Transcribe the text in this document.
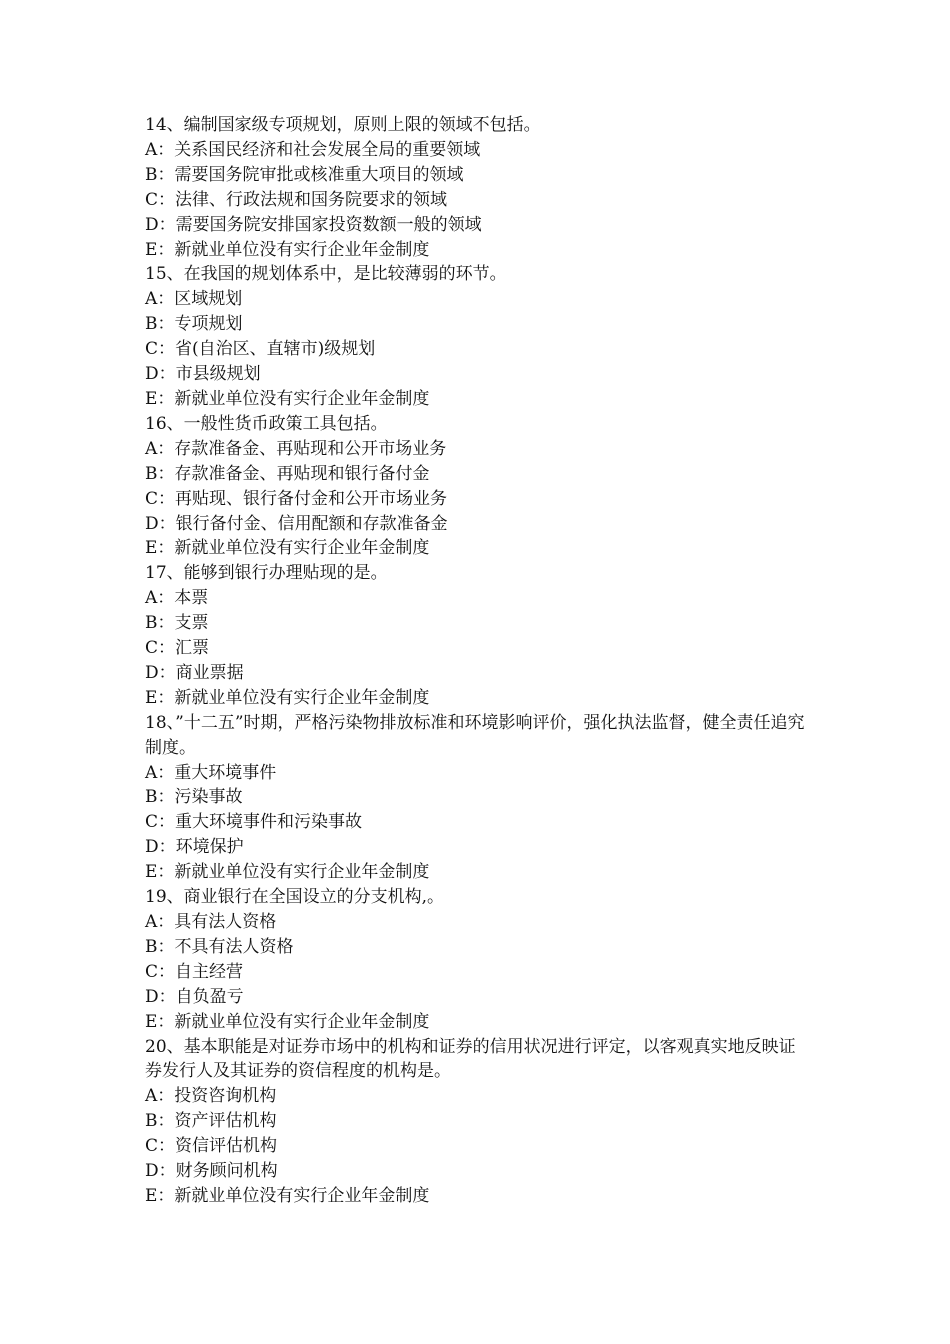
14、编制国家级专项规划，原则上限的领域不包括。

A：关系国民经济和社会发展全局的重要领域

B：需要国务院审批或核准重大项目的领域

C：法律、行政法规和国务院要求的领域

D：需要国务院安排国家投资数额一般的领域

E：新就业单位没有实行企业年金制度

15、在我国的规划体系中，是比较薄弱的环节。

A：区域规划

B：专项规划

C：省(自治区、直辖市)级规划

D：市县级规划

E：新就业单位没有实行企业年金制度

16、一般性货币政策工具包括。

A：存款准备金、再贴现和公开市场业务

B：存款准备金、再贴现和银行备付金

C：再贴现、银行备付金和公开市场业务

D：银行备付金、信用配额和存款准备金

E：新就业单位没有实行企业年金制度

17、能够到银行办理贴现的是。

A：本票

B：支票

C：汇票

D：商业票据

E：新就业单位没有实行企业年金制度

18、”十二五”时期，严格污染物排放标准和环境影响评价，强化执法监督，健全责任追究制度。

A：重大环境事件

B：污染事故

C：重大环境事件和污染事故

D：环境保护

E：新就业单位没有实行企业年金制度

19、商业银行在全国设立的分支机构,。

A：具有法人资格

B：不具有法人资格

C：自主经营

D：自负盈亏

E：新就业单位没有实行企业年金制度

20、基本职能是对证券市场中的机构和证券的信用状况进行评定，以客观真实地反映证券发行人及其证券的资信程度的机构是。

A：投资咨询机构

B：资产评估机构

C：资信评估机构

D：财务顾问机构

E：新就业单位没有实行企业年金制度
